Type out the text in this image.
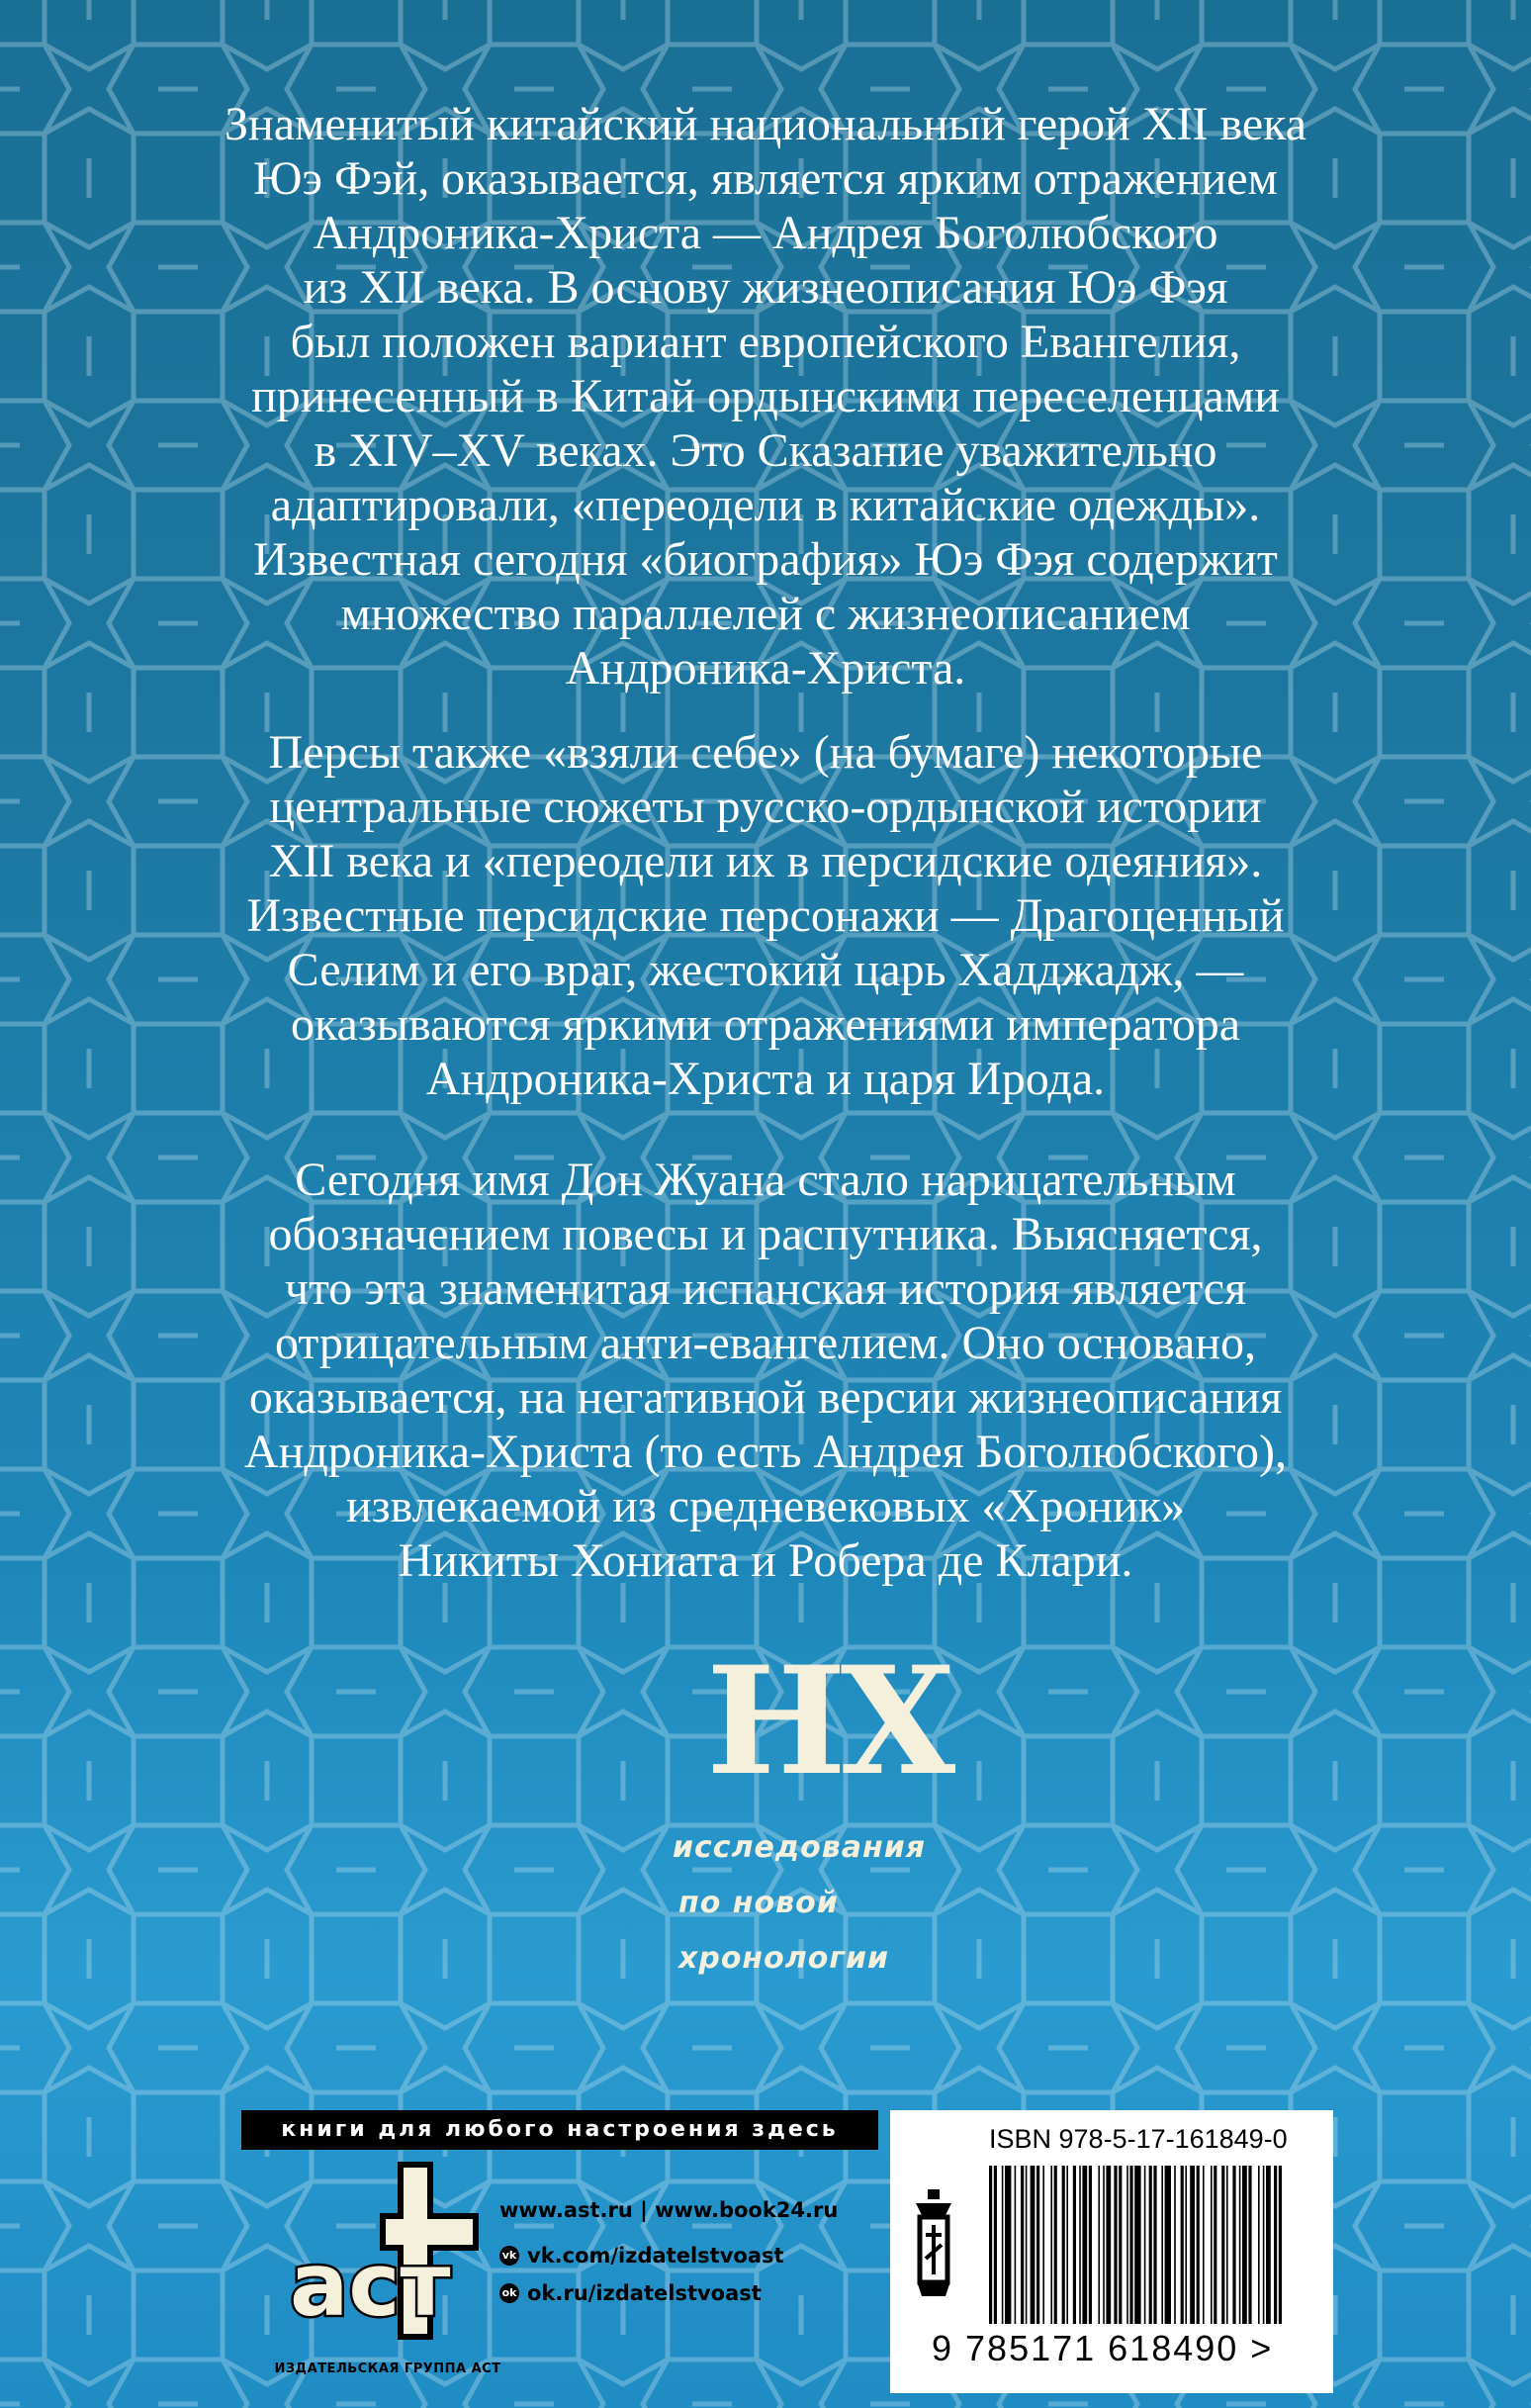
Знаменитый китайский национальный герой XII века
Юэ Фэй, оказывается, является ярким отражением
Андроника-Христа — Андрея Боголюбского
из XII века. В основу жизнеописания Юэ Фэя
был положен вариант европейского Евангелия,
принесенный в Китай ордынскими переселенцами
в XIV–XV веках. Это Сказание уважительно
адаптировали, «переодели в китайские одежды».
Известная сегодня «биография» Юэ Фэя содержит
множество параллелей с жизнеописанием
Андроника-Христа.
Персы также «взяли себе» (на бумаге) некоторые
центральные сюжеты русско-ордынской истории
XII века и «переодели их в персидские одеяния».
Известные персидские персонажи — Драгоценный
Селим и его враг, жестокий царь Хадджадж, —
оказываются яркими отражениями императора
Андроника-Христа и царя Ирода.
Сегодня имя Дон Жуана стало нарицательным
обозначением повесы и распутника. Выясняется,
что эта знаменитая испанская история является
отрицательным анти-евангелием. Оно основано,
оказывается, на негативной версии жизнеописания
Андроника-Христа (то есть Андрея Боголюбского),
извлекаемой из средневековых «Хроник»
Никиты Хониата и Робера де Клари.
НХ
исследования
по новой
хронологии
книги для любого настроения здесь
аст
ИЗДАТЕЛЬСКАЯ ГРУППА АСТ
www.ast.ru | www.book24.ru
vk vk.com/izdatelstvoast
ok ok.ru/izdatelstvoast
ISBN 978-5-17-161849-0
9 785171 618490 >
